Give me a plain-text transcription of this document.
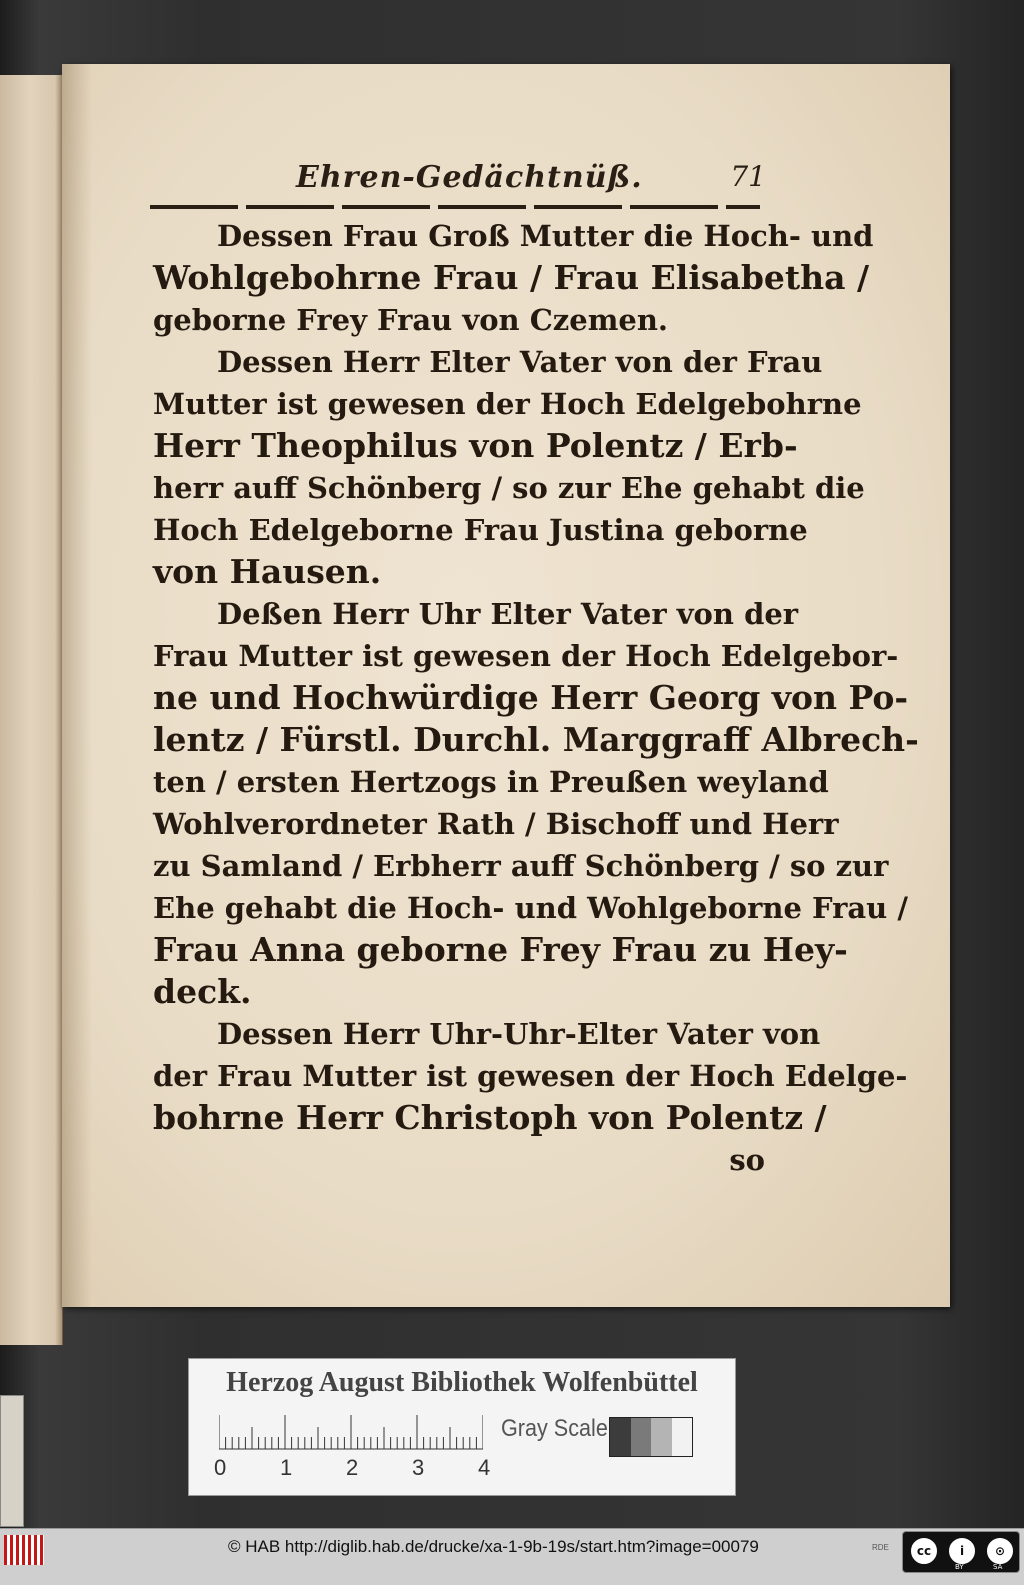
Ehren-Gedächtnüß.	71
Dessen Frau Groß Mutter die Hoch- und
Wohlgebohrne Frau / Frau Elisabetha /
geborne Frey Frau von Czemen.
Dessen Herr Elter Vater von der Frau
Mutter ist gewesen der Hoch Edelgebohrne
Herr Theophilus von Polentz / Erb-
herr auff Schönberg / so zur Ehe gehabt die
Hoch Edelgeborne Frau Justina geborne
von Hausen.
Deßen Herr Uhr Elter Vater von der
Frau Mutter ist gewesen der Hoch Edelgebor-
ne und Hochwürdige Herr Georg von Po-
lentz / Fürstl. Durchl. Marggraff Albrech-
ten / ersten Hertzogs in Preußen weyland
Wohlverordneter Rath / Bischoff und Herr
zu Samland / Erbherr auff Schönberg / so zur
Ehe gehabt die Hoch- und Wohlgeborne Frau /
Frau Anna geborne Frey Frau zu Hey-
deck.
Dessen Herr Uhr-Uhr-Elter Vater von
der Frau Mutter ist gewesen der Hoch Edelge-
bohrne Herr Christoph von Polentz /
so
Herzog August Bibliothek Wolfenbüttel
0 1 2 3 4
Gray Scale
© HAB http://diglib.hab.de/drucke/xa-1-9b-19s/start.htm?image=00079	RDE	cc	i	⊙
BY	SA
